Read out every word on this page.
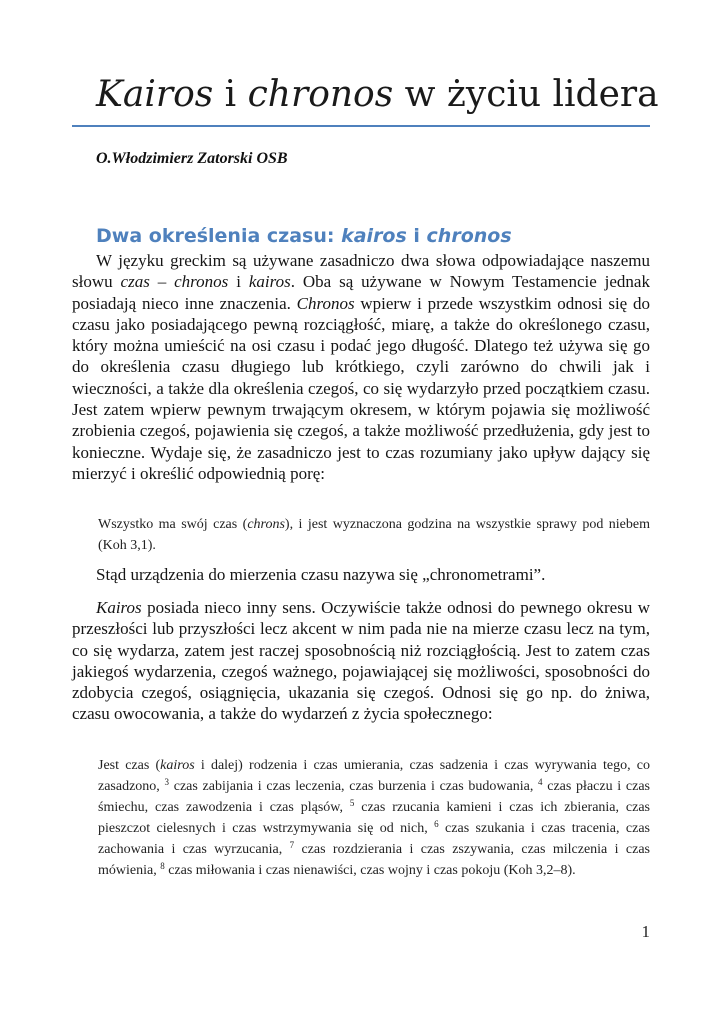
Kairos i chronos w życiu lidera
O.Włodzimierz Zatorski OSB
Dwa określenia czasu: kairos i chronos

W języku greckim są używane zasadniczo dwa słowa odpowiadające naszemu słowu czas – chronos i kairos. Oba są używane w Nowym Testamencie jednak posiadają nieco inne znaczenia. Chronos wpierw i przede wszystkim odnosi się do czasu jako posiadającego pewną rozciągłość, miarę, a także do określonego czasu, który można umieścić na osi czasu i podać jego długość. Dlatego też używa się go do określenia czasu długiego lub krótkiego, czyli zarówno do chwili jak i wieczności, a także dla określenia czegoś, co się wydarzyło przed początkiem czasu. Jest zatem wpierw pewnym trwającym okresem, w którym pojawia się możliwość zrobienia czegoś, pojawienia się czegoś, a także możliwość przedłużenia, gdy jest to konieczne. Wydaje się, że zasadniczo jest to czas rozumiany jako upływ dający się mierzyć i określić odpowiednią porę:

Wszystko ma swój czas (chrons), i jest wyznaczona godzina na wszystkie sprawy pod niebem (Koh 3,1).

Stąd urządzenia do mierzenia czasu nazywa się „chronometrami”.

Kairos posiada nieco inny sens. Oczywiście także odnosi do pewnego okresu w przeszłości lub przyszłości lecz akcent w nim pada nie na mierze czasu lecz na tym, co się wydarza, zatem jest raczej sposobnością niż rozciągłością. Jest to zatem czas jakiegoś wydarzenia, czegoś ważnego, pojawiającej się możliwości, sposobności do zdobycia czegoś, osiągnięcia, ukazania się czegoś. Odnosi się go np. do żniwa, czasu owocowania, a także do wydarzeń z życia społecznego:

Jest czas (kairos i dalej) rodzenia i czas umierania, czas sadzenia i czas wyrywania tego, co zasadzono, $^3$ czas zabijania i czas leczenia, czas burzenia i czas budowania, $^4$ czas płaczu i czas śmiechu, czas zawodzenia i czas pląsów, $^5$ czas rzucania kamieni i czas ich zbierania, czas pieszczot cielesnych i czas wstrzymywania się od nich, $^6$ czas szukania i czas tracenia, czas zachowania i czas wyrzucania, $^7$ czas rozdzierania i czas zszywania, czas milczenia i czas mówienia, $^8$ czas miłowania i czas nienawiści, czas wojny i czas pokoju (Koh 3,2–8).
1
